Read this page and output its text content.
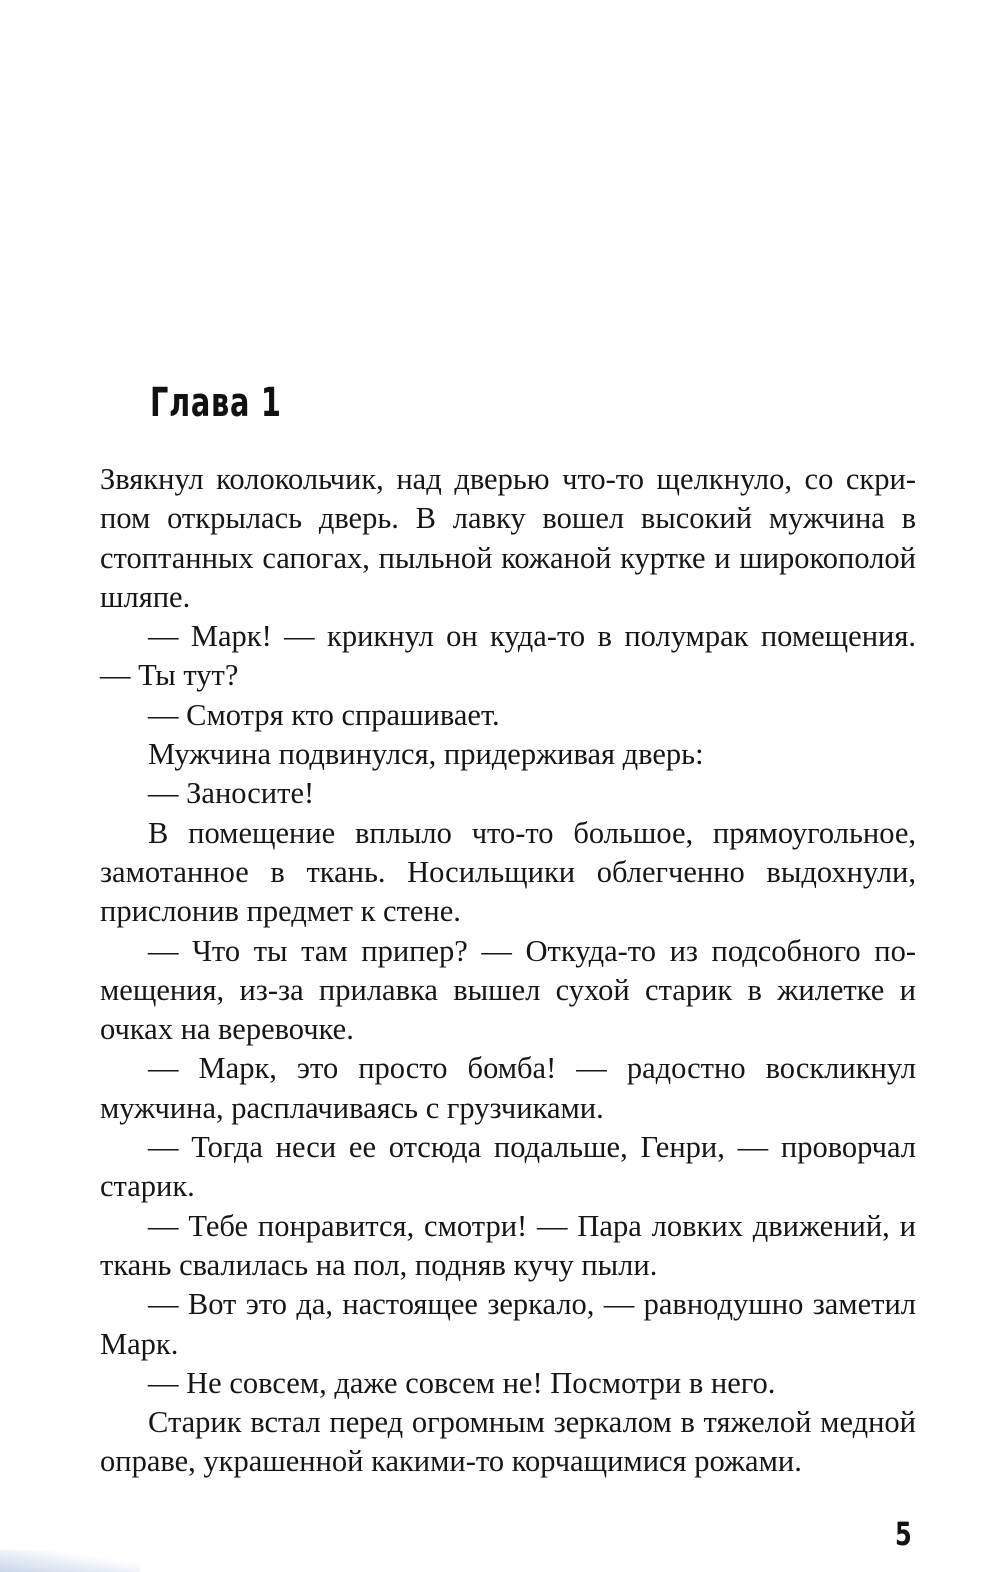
Глава 1

Звякнул колокольчик, над дверью что-то щелкнуло, со скрипом открылась дверь. В лавку вошел высокий мужчина в стоптанных сапогах, пыльной кожаной куртке и широкополой шляпе.

— Марк! — крикнул он куда-то в полумрак помещения. — Ты тут?

— Смотря кто спрашивает.

Мужчина подвинулся, придерживая дверь:

— Заносите!

В помещение вплыло что-то большое, прямоугольное, замотанное в ткань. Носильщики облегченно выдохнули, прислонив предмет к стене.

— Что ты там припер? — Откуда-то из подсобного помещения, из-за прилавка вышел сухой старик в жилетке и очках на веревочке.

— Марк, это просто бомба! — радостно воскликнул мужчина, расплачиваясь с грузчиками.

— Тогда неси ее отсюда подальше, Генри, — проворчал старик.

— Тебе понравится, смотри! — Пара ловких движений, и ткань свалилась на пол, подняв кучу пыли.

— Вот это да, настоящее зеркало, — равнодушно заметил Марк.

— Не совсем, даже совсем не! Посмотри в него.

Старик встал перед огромным зеркалом в тяжелой медной оправе, украшенной какими-то корчащимися рожами.

5
